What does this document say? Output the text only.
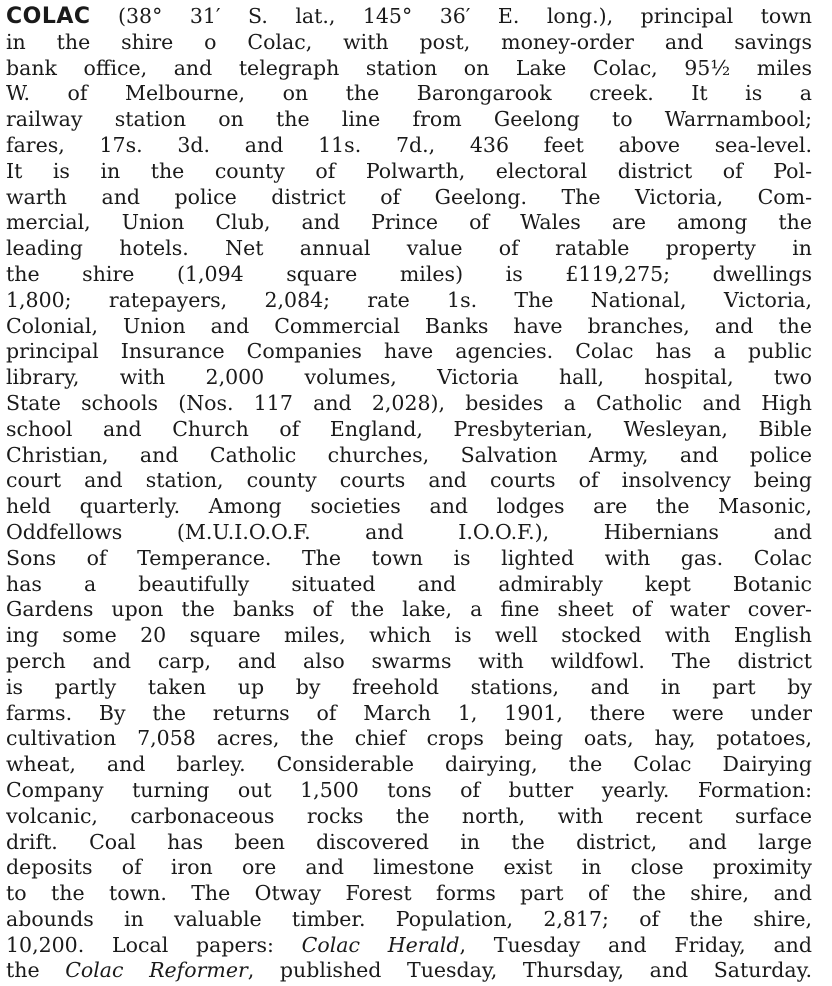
COLAC (38° 31′ S. lat., 145° 36′ E. long.), principal town
in the shire o Colac, with post, money-order and savings
bank office, and telegraph station on Lake Colac, 95½ miles
W. of Melbourne, on the Barongarook creek. It is a
railway station on the line from Geelong to Warrnambool;
fares, 17s. 3d. and 11s. 7d., 436 feet above sea-level.
It is in the county of Polwarth, electoral district of Pol-
warth and police district of Geelong. The Victoria, Com-
mercial, Union Club, and Prince of Wales are among the
leading hotels. Net annual value of ratable property in
the shire (1,094 square miles) is £119,275; dwellings
1,800; ratepayers, 2,084; rate 1s. The National, Victoria,
Colonial, Union and Commercial Banks have branches, and the
principal Insurance Companies have agencies. Colac has a public
library, with 2,000 volumes, Victoria hall, hospital, two
State schools (Nos. 117 and 2,028), besides a Catholic and High
school and Church of England, Presbyterian, Wesleyan, Bible
Christian, and Catholic churches, Salvation Army, and police
court and station, county courts and courts of insolvency being
held quarterly. Among societies and lodges are the Masonic,
Oddfellows (M.U.I.O.O.F. and I.O.O.F.), Hibernians and
Sons of Temperance. The town is lighted with gas. Colac
has a beautifully situated and admirably kept Botanic
Gardens upon the banks of the lake, a fine sheet of water cover-
ing some 20 square miles, which is well stocked with English
perch and carp, and also swarms with wildfowl. The district
is partly taken up by freehold stations, and in part by
farms. By the returns of March 1, 1901, there were under
cultivation 7,058 acres, the chief crops being oats, hay, potatoes,
wheat, and barley. Considerable dairying, the Colac Dairying
Company turning out 1,500 tons of butter yearly. Formation:
volcanic, carbonaceous rocks the north, with recent surface
drift. Coal has been discovered in the district, and large
deposits of iron ore and limestone exist in close proximity
to the town. The Otway Forest forms part of the shire, and
abounds in valuable timber. Population, 2,817; of the shire,
10,200. Local papers: Colac Herald, Tuesday and Friday, and
the Colac Reformer, published Tuesday, Thursday, and Saturday.
